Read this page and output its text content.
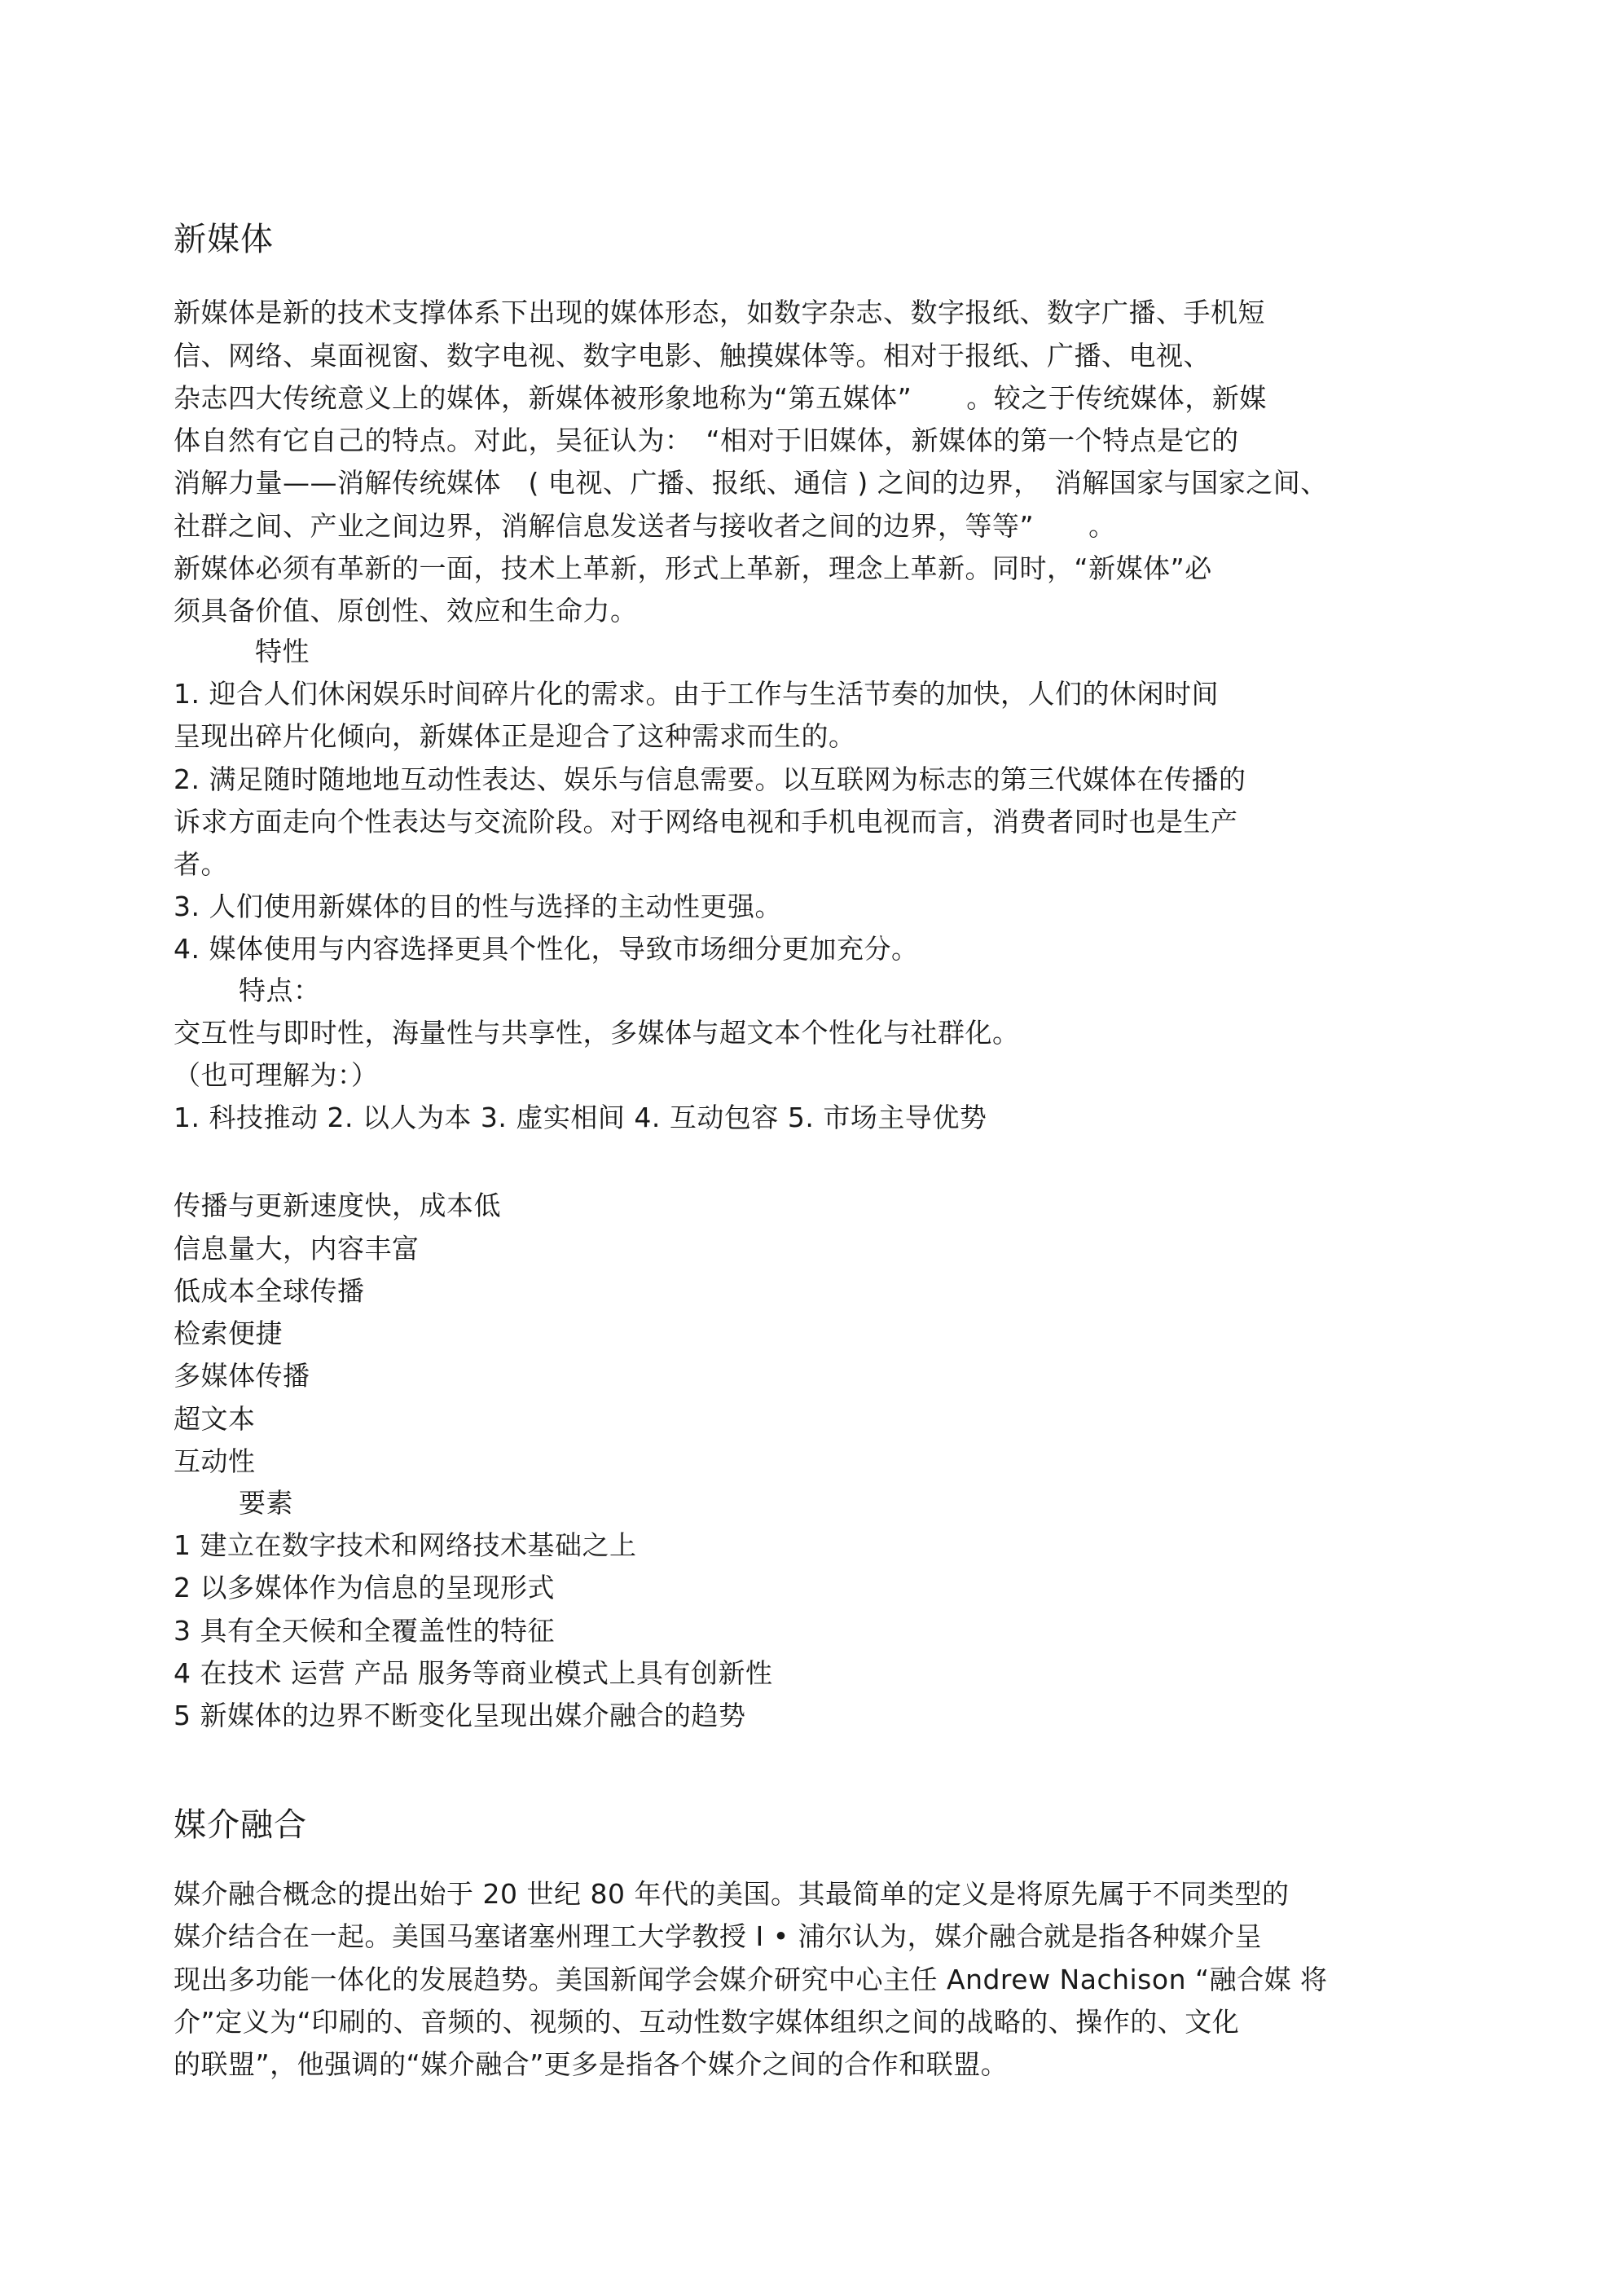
新媒体
新媒体是新的技术支撑体系下出现的媒体形态，如数字杂志、数字报纸、数字广播、手机短
信、网络、桌面视窗、数字电视、数字电影、触摸媒体等。相对于报纸、广播、电视、
杂志四大传统意义上的媒体，新媒体被形象地称为“第五媒体”　　。较之于传统媒体，新媒
体自然有它自己的特点。对此，吴征认为：　“相对于旧媒体，新媒体的第一个特点是它的
消解力量——消解传统媒体　( 电视、广播、报纸、通信 ) 之间的边界，　消解国家与国家之间、
社群之间、产业之间边界，消解信息发送者与接收者之间的边界，等等”　　。
新媒体必须有革新的一面，技术上革新，形式上革新，理念上革新。同时，“新媒体”必
须具备价值、原创性、效应和生命力。
特性
1. 迎合人们休闲娱乐时间碎片化的需求。由于工作与生活节奏的加快，人们的休闲时间
呈现出碎片化倾向，新媒体正是迎合了这种需求而生的。
2. 满足随时随地地互动性表达、娱乐与信息需要。以互联网为标志的第三代媒体在传播的
诉求方面走向个性表达与交流阶段。对于网络电视和手机电视而言，消费者同时也是生产
者。
3. 人们使用新媒体的目的性与选择的主动性更强。
4. 媒体使用与内容选择更具个性化，导致市场细分更加充分。
特点：
交互性与即时性，海量性与共享性，多媒体与超文本个性化与社群化。
（也可理解为：）
1. 科技推动 2. 以人为本 3. 虚实相间 4. 互动包容 5. 市场主导优势
传播与更新速度快，成本低
信息量大，内容丰富
低成本全球传播
检索便捷
多媒体传播
超文本
互动性
要素
1 建立在数字技术和网络技术基础之上
2 以多媒体作为信息的呈现形式
3 具有全天候和全覆盖性的特征
4 在技术 运营 产品 服务等商业模式上具有创新性
5 新媒体的边界不断变化呈现出媒介融合的趋势
媒介融合
媒介融合概念的提出始于 20 世纪 80 年代的美国。其最简单的定义是将原先属于不同类型的
媒介结合在一起。美国马塞诸塞州理工大学教授 I • 浦尔认为，媒介融合就是指各种媒介呈
现出多功能一体化的发展趋势。美国新闻学会媒介研究中心主任 Andrew Nachison “融合媒 将
介”定义为“印刷的、音频的、视频的、互动性数字媒体组织之间的战略的、操作的、文化
的联盟”，他强调的“媒介融合”更多是指各个媒介之间的合作和联盟。
